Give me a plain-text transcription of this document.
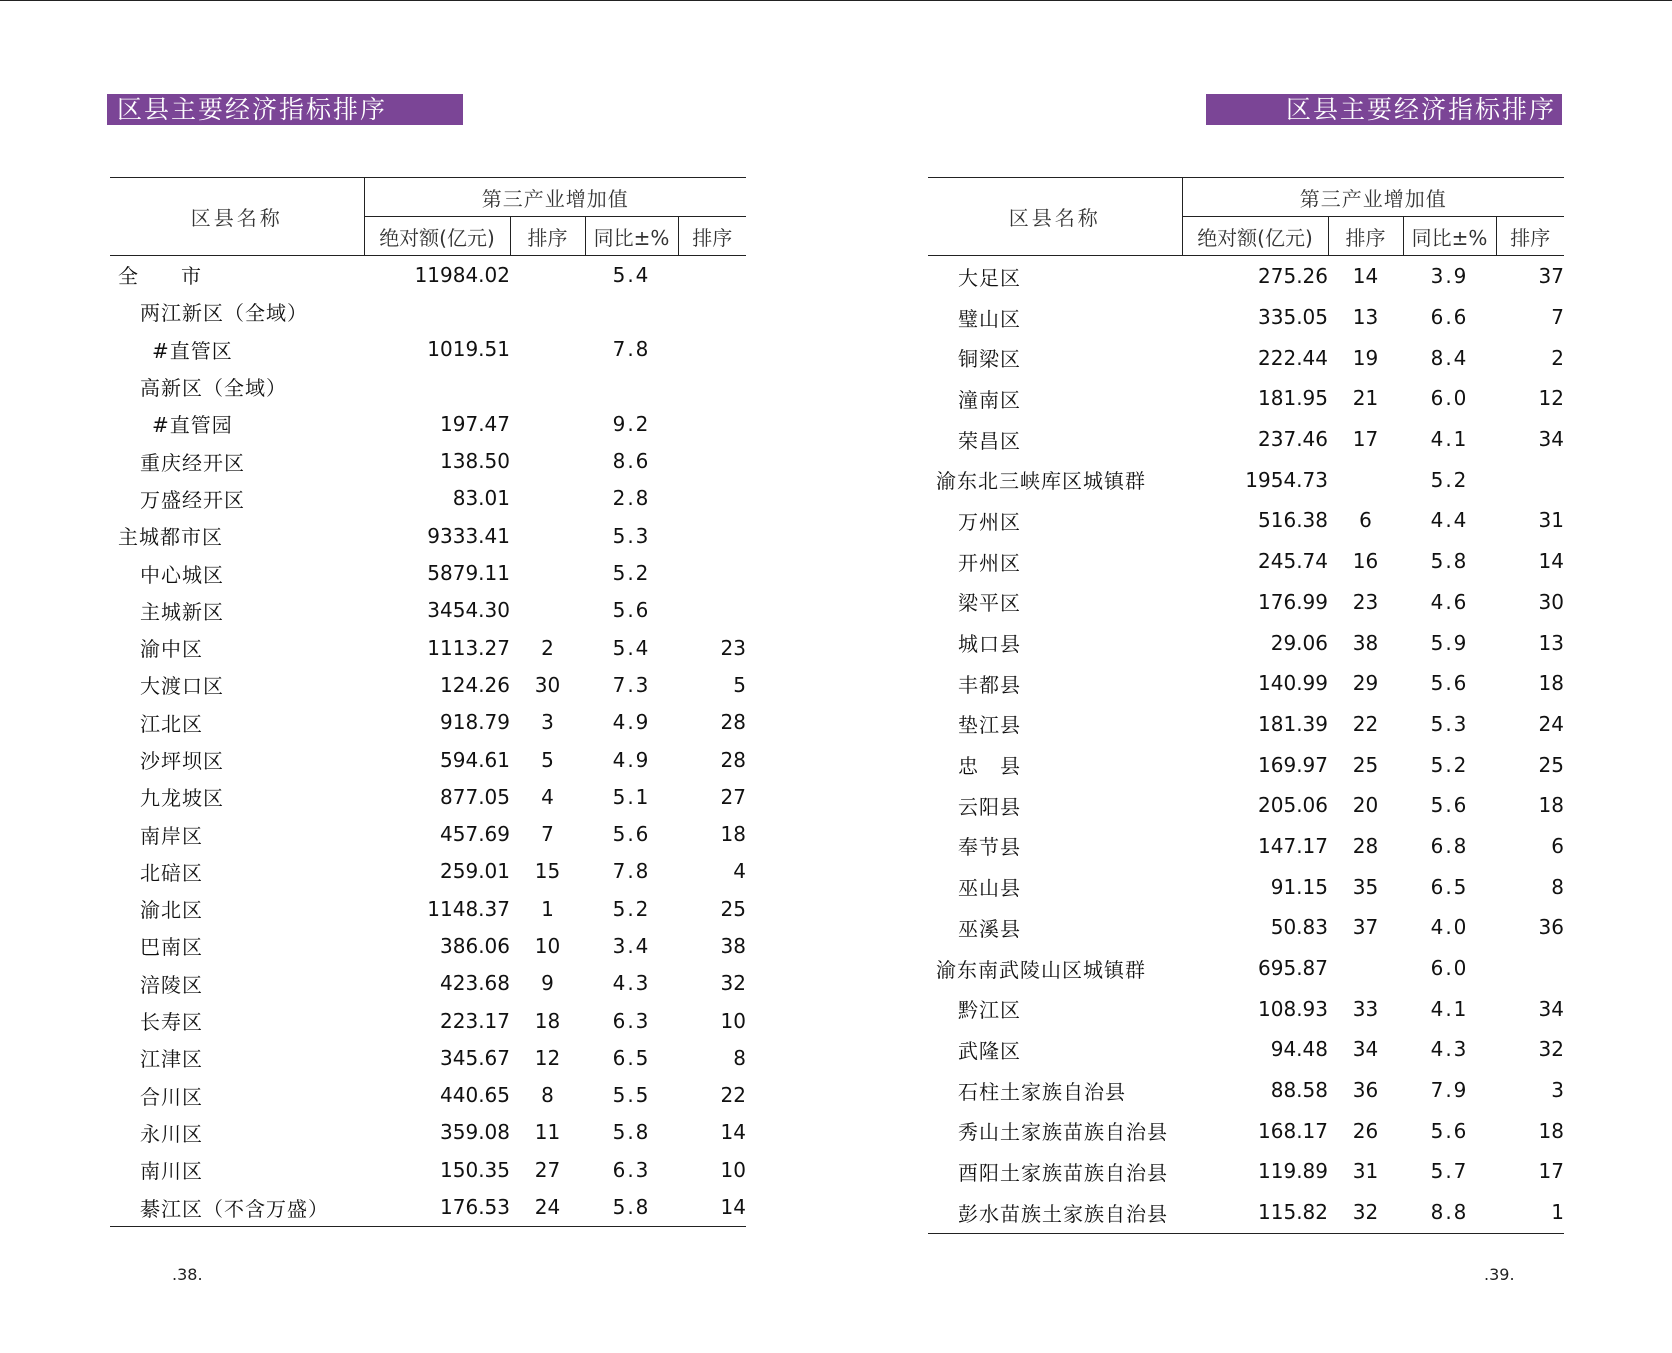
区县主要经济指标排序
区县名称	第三产业增加值			
	绝对额(亿元)	排序	同比±%	排序
全　　市	11984.02		5.4	
两江新区（全域）				
#直管区	1019.51		7.8	
高新区（全域）				
#直管园	197.47		9.2	
重庆经开区	138.50		8.6	
万盛经开区	83.01		2.8	
主城都市区	9333.41		5.3	
中心城区	5879.11		5.2	
主城新区	3454.30		5.6	
渝中区	1113.27	2	5.4	23
大渡口区	124.26	30	7.3	5
江北区	918.79	3	4.9	28
沙坪坝区	594.61	5	4.9	28
九龙坡区	877.05	4	5.1	27
南岸区	457.69	7	5.6	18
北碚区	259.01	15	7.8	4
渝北区	1148.37	1	5.2	25
巴南区	386.06	10	3.4	38
涪陵区	423.68	9	4.3	32
长寿区	223.17	18	6.3	10
江津区	345.67	12	6.5	8
合川区	440.65	8	5.5	22
永川区	359.08	11	5.8	14
南川区	150.35	27	6.3	10
綦江区（不含万盛）	176.53	24	5.8	14
.38.
区县主要经济指标排序
区县名称	第三产业增加值			
	绝对额(亿元)	排序	同比±%	排序
大足区	275.26	14	3.9	37
璧山区	335.05	13	6.6	7
铜梁区	222.44	19	8.4	2
潼南区	181.95	21	6.0	12
荣昌区	237.46	17	4.1	34
渝东北三峡库区城镇群	1954.73		5.2	
万州区	516.38	6	4.4	31
开州区	245.74	16	5.8	14
梁平区	176.99	23	4.6	30
城口县	29.06	38	5.9	13
丰都县	140.99	29	5.6	18
垫江县	181.39	22	5.3	24
忠　县	169.97	25	5.2	25
云阳县	205.06	20	5.6	18
奉节县	147.17	28	6.8	6
巫山县	91.15	35	6.5	8
巫溪县	50.83	37	4.0	36
渝东南武陵山区城镇群	695.87		6.0	
黔江区	108.93	33	4.1	34
武隆区	94.48	34	4.3	32
石柱土家族自治县	88.58	36	7.9	3
秀山土家族苗族自治县	168.17	26	5.6	18
酉阳土家族苗族自治县	119.89	31	5.7	17
彭水苗族土家族自治县	115.82	32	8.8	1
.39.
